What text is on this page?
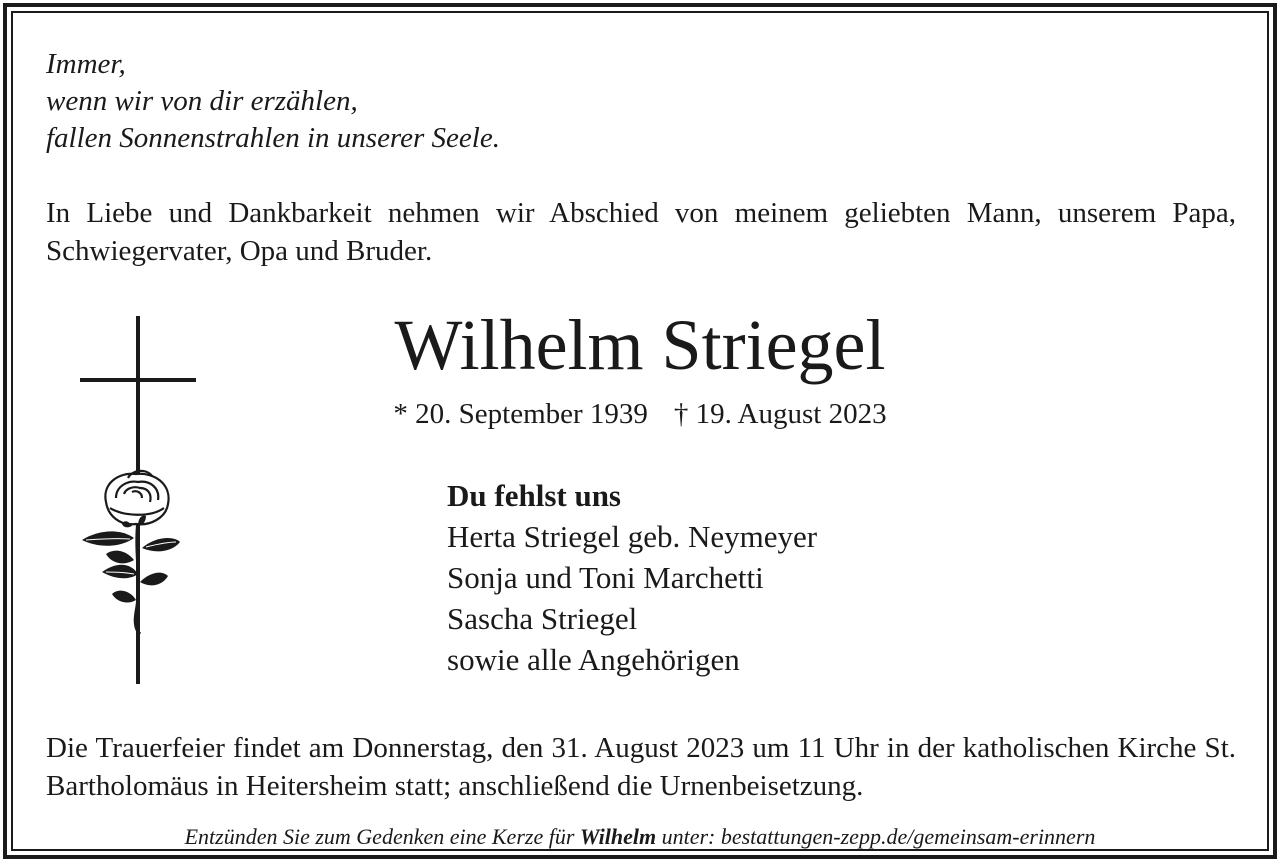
Immer,
wenn wir von dir erzählen,
fallen Sonnenstrahlen in unserer Seele.
In Liebe und Dankbarkeit nehmen wir Abschied von meinem geliebten Mann, unserem Papa, Schwiegervater, Opa und Bruder.
Wilhelm Striegel
* 20. September 1939 † 19. August 2023
Du fehlst uns
Herta Striegel geb. Neymeyer
Sonja und Toni Marchetti
Sascha Striegel
sowie alle Angehörigen
Die Trauerfeier findet am Donnerstag, den 31. August 2023 um 11 Uhr in der katholischen Kirche St. Bartholomäus in Heitersheim statt; anschließend die Urnenbeisetzung.
Entzünden Sie zum Gedenken eine Kerze für Wilhelm unter: bestattungen-zepp.de/gemeinsam-erinnern
